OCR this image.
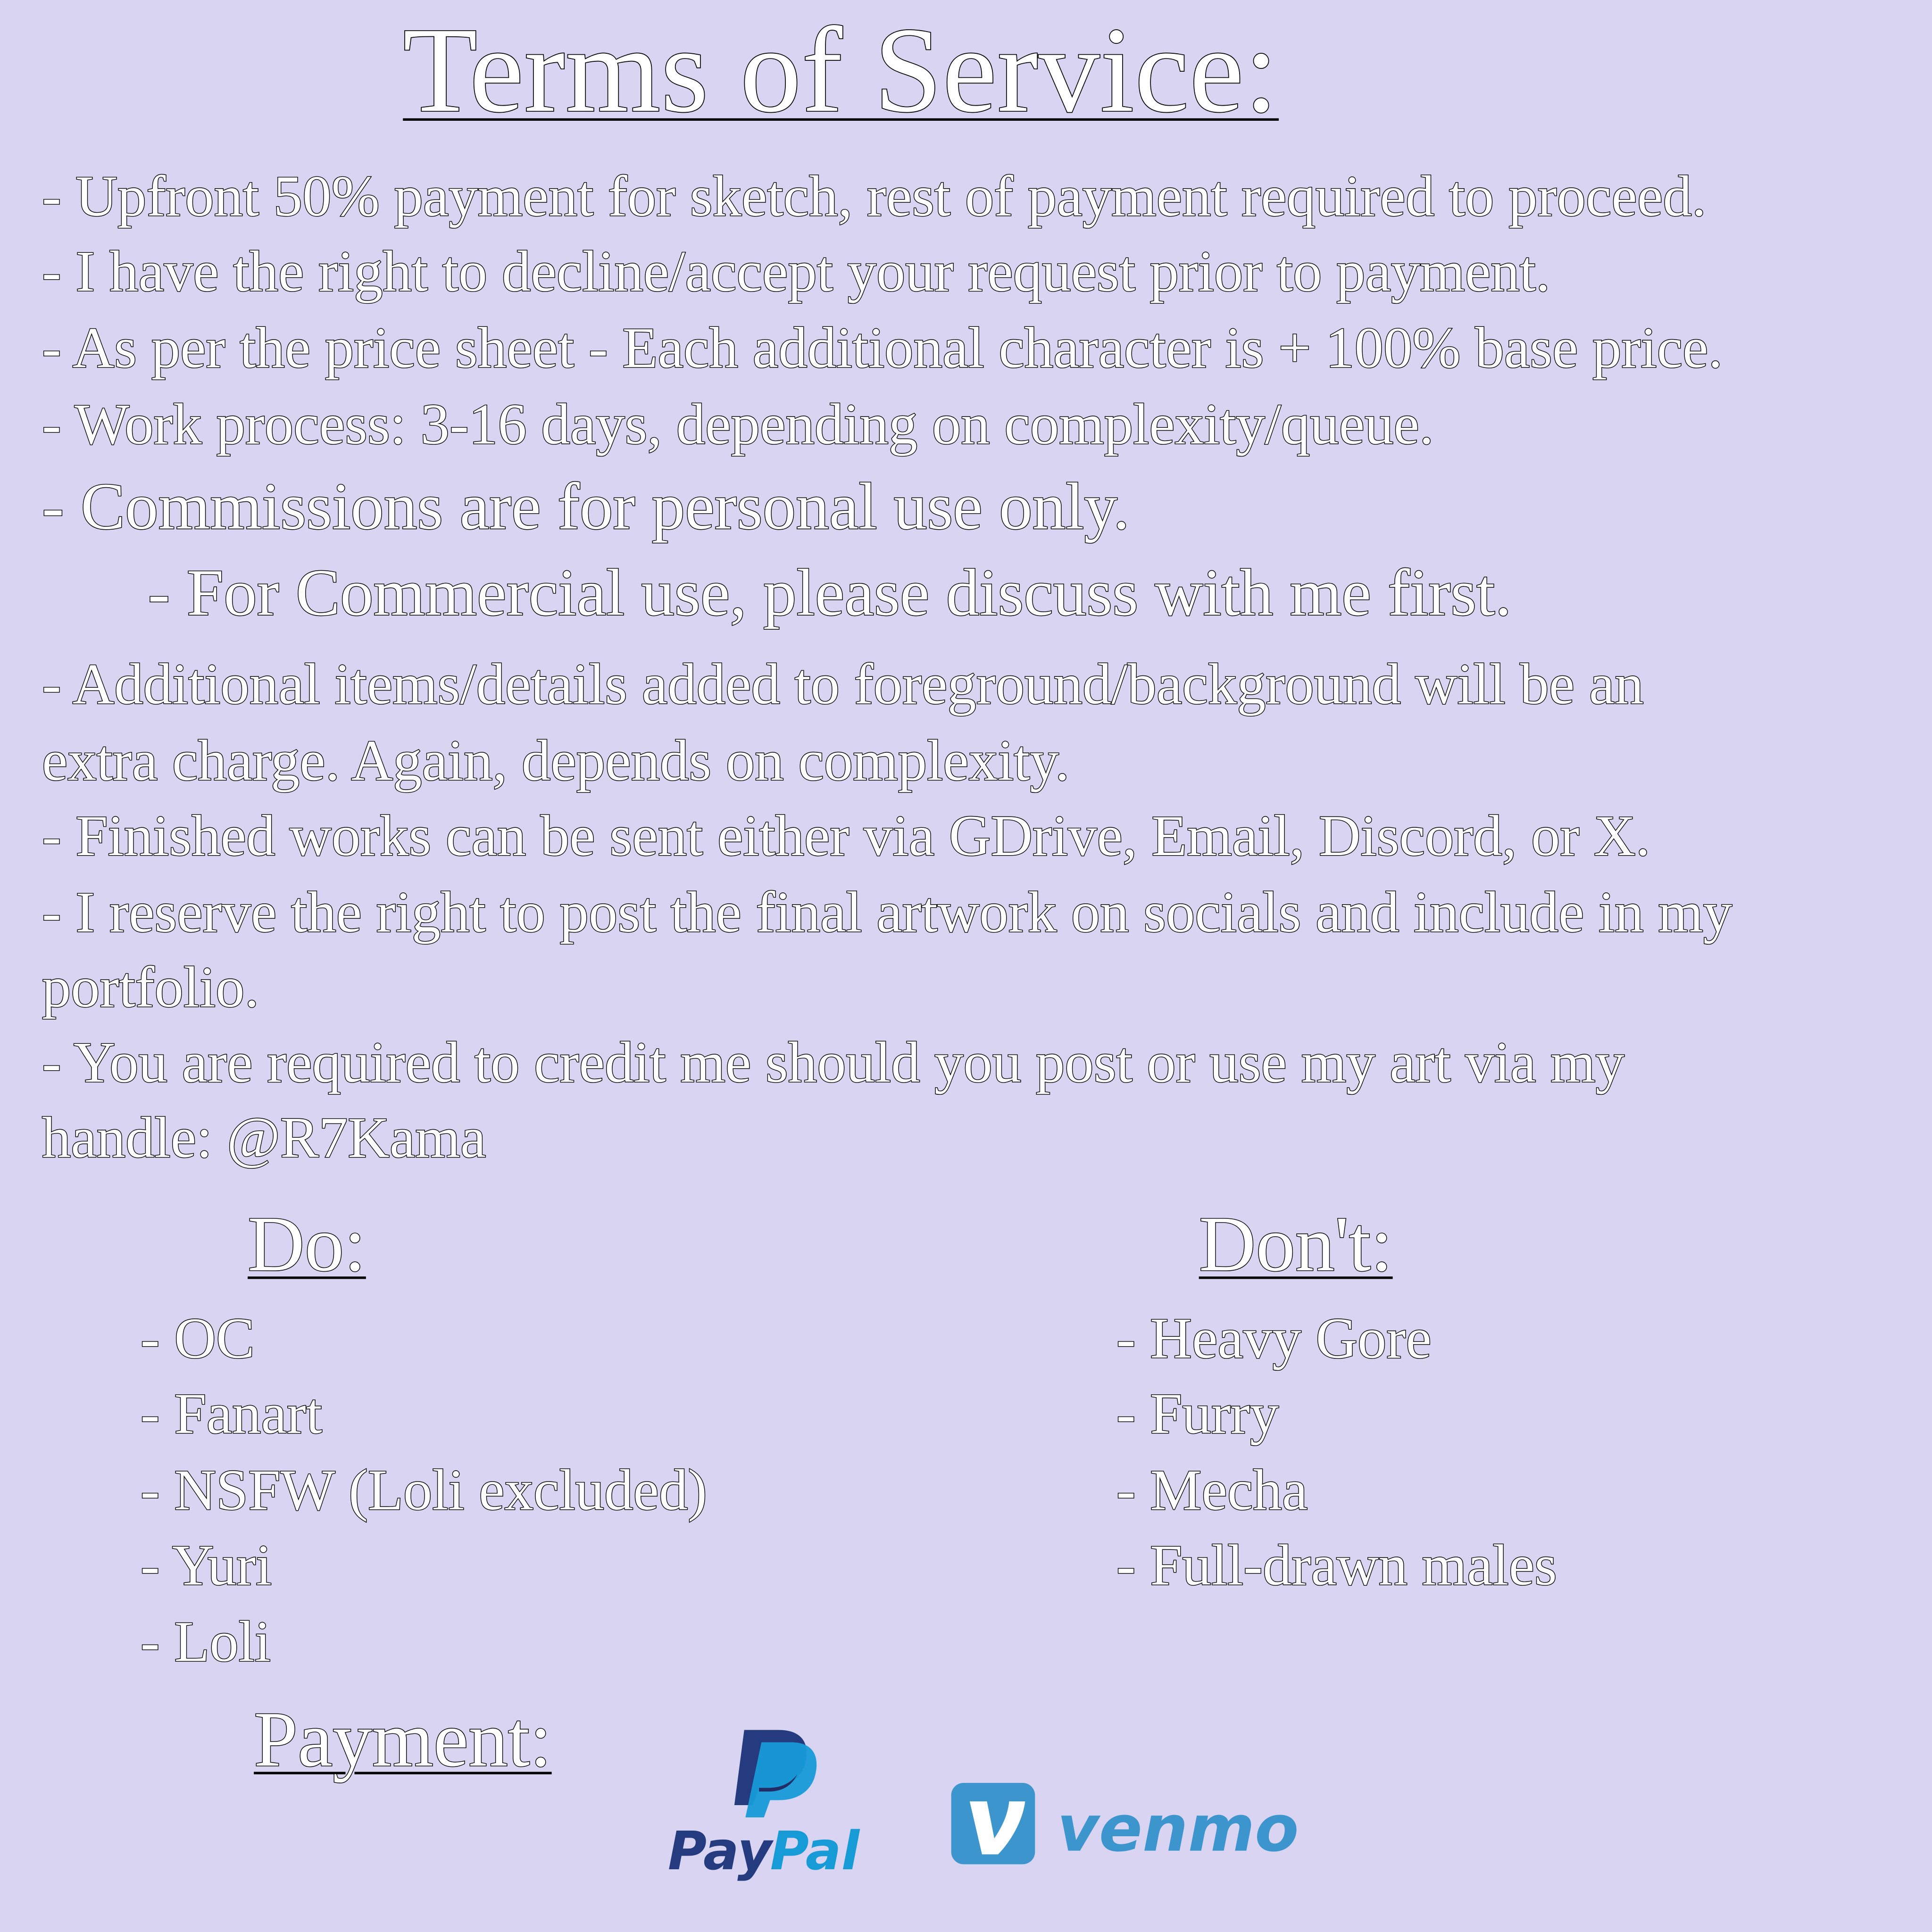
Terms of Service:

- Upfront 50% payment for sketch, rest of payment required to proceed.

- I have the right to decline/accept your request prior to payment.

- As per the price sheet - Each additional character is + 100% base price.

- Work process: 3-16 days, depending on complexity/queue.

- Commissions are for personal use only.

- For Commercial use, please discuss with me first.

- Additional items/details added to foreground/background will be an

extra charge. Again, depends on complexity.

- Finished works can be sent either via GDrive, Email, Discord, or X.

- I reserve the right to post the final artwork on socials and include in my

portfolio.

- You are required to credit me should you post or use my art via my

handle: @R7Kama

Do:

- OC

- Fanart

- NSFW (Loli excluded)

- Yuri

- Loli

Don't:

- Heavy Gore

- Furry

- Mecha

- Full-drawn males

Payment:
Pay
Pal	venmo
